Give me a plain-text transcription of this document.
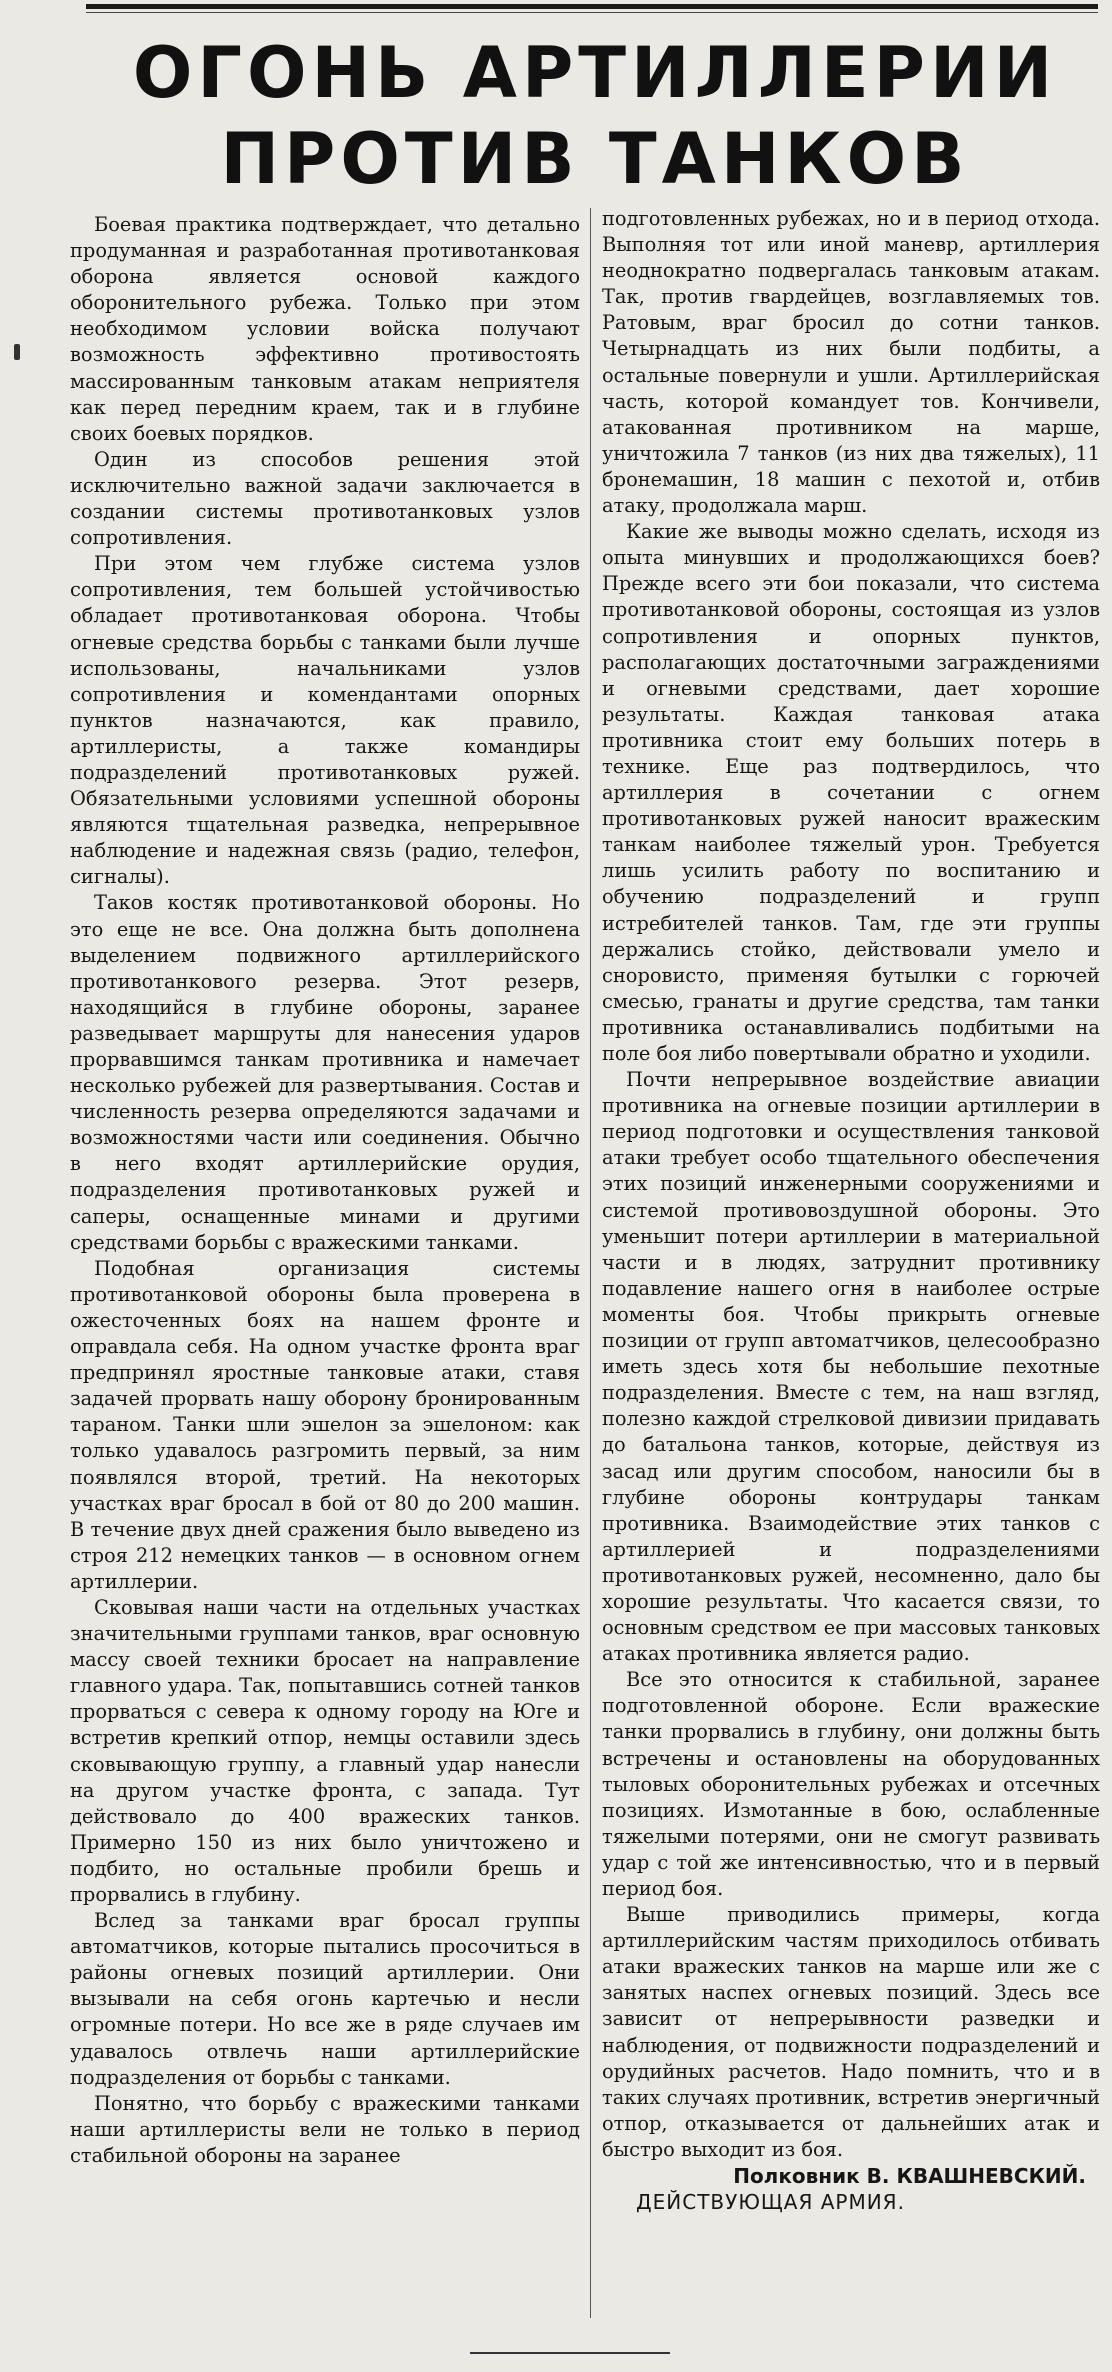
ОГОНЬ АРТИЛЛЕРИИ
ПРОТИВ ТАНКОВ

Боевая практика подтверждает, что детально продуманная и разработанная противотанковая оборона является основой каждого оборонительного рубежа. Только при этом необходимом условии войска получают возможность эффективно противостоять массированным танковым атакам неприятеля как перед передним краем, так и в глубине своих боевых порядков.

Один из способов решения этой исключительно важной задачи заключается в создании системы противотанковых узлов сопротивления.

При этом чем глубже система узлов сопротивления, тем большей устойчивостью обладает противотанковая оборона. Чтобы огневые средства борьбы с танками были лучше использованы, начальниками узлов сопротивления и комендантами опорных пунктов назначаются, как правило, артиллеристы, а также командиры подразделений противотанковых ружей. Обязательными условиями успешной обороны являются тщательная разведка, непрерывное наблюдение и надежная связь (радио, телефон, сигналы).

Таков костяк противотанковой обороны. Но это еще не все. Она должна быть дополнена выделением подвижного артиллерийского противотанкового резерва. Этот резерв, находящийся в глубине обороны, заранее разведывает маршруты для нанесения ударов прорвавшимся танкам противника и намечает несколько рубежей для развертывания. Состав и численность резерва определяются задачами и возможностями части или соединения. Обычно в него входят артиллерийские орудия, подразделения противотанковых ружей и саперы, оснащенные минами и другими средствами борьбы с вражескими танками.

Подобная организация системы противотанковой обороны была проверена в ожесточенных боях на нашем фронте и оправдала себя. На одном участке фронта враг предпринял яростные танковые атаки, ставя задачей прорвать нашу оборону бронированным тараном. Танки шли эшелон за эшелоном: как только удавалось разгромить первый, за ним появлялся второй, третий. На некоторых участках враг бросал в бой от 80 до 200 машин. В течение двух дней сражения было выведено из строя 212 немецких танков — в основном огнем артиллерии.

Сковывая наши части на отдельных участках значительными группами танков, враг основную массу своей техники бросает на направление главного удара. Так, попытавшись сотней танков прорваться с севера к одному городу на Юге и встретив крепкий отпор, немцы оставили здесь сковывающую группу, а главный удар нанесли на другом участке фронта, с запада. Тут действовало до 400 вражеских танков. Примерно 150 из них было уничтожено и подбито, но остальные пробили брешь и прорвались в глубину.

Вслед за танками враг бросал группы автоматчиков, которые пытались просочиться в районы огневых позиций артиллерии. Они вызывали на себя огонь картечью и несли огромные потери. Но все же в ряде случаев им удавалось отвлечь наши артиллерийские подразделения от борьбы с танками.

Понятно, что борьбу с вражескими танками наши артиллеристы вели не только в период стабильной обороны на заранее

подготовленных рубежах, но и в период отхода. Выполняя тот или иной маневр, артиллерия неоднократно подвергалась танковым атакам. Так, против гвардейцев, возглавляемых тов. Ратовым, враг бросил до сотни танков. Четырнадцать из них были подбиты, а остальные повернули и ушли. Артиллерийская часть, которой командует тов. Кончивели, атакованная противником на марше, уничтожила 7 танков (из них два тяжелых), 11 бронемашин, 18 машин с пехотой и, отбив атаку, продолжала марш.

Какие же выводы можно сделать, исходя из опыта минувших и продолжающихся боев? Прежде всего эти бои показали, что система противотанковой обороны, состоящая из узлов сопротивления и опорных пунктов, располагающих достаточными заграждениями и огневыми средствами, дает хорошие результаты. Каждая танковая атака противника стоит ему больших потерь в технике. Еще раз подтвердилось, что артиллерия в сочетании с огнем противотанковых ружей наносит вражеским танкам наиболее тяжелый урон. Требуется лишь усилить работу по воспитанию и обучению подразделений и групп истребителей танков. Там, где эти группы держались стойко, действовали умело и сноровисто, применяя бутылки с горючей смесью, гранаты и другие средства, там танки противника останавливались подбитыми на поле боя либо повертывали обратно и уходили.

Почти непрерывное воздействие авиации противника на огневые позиции артиллерии в период подготовки и осуществления танковой атаки требует особо тщательного обеспечения этих позиций инженерными сооружениями и системой противовоздушной обороны. Это уменьшит потери артиллерии в материальной части и в людях, затруднит противнику подавление нашего огня в наиболее острые моменты боя. Чтобы прикрыть огневые позиции от групп автоматчиков, целесообразно иметь здесь хотя бы небольшие пехотные подразделения. Вместе с тем, на наш взгляд, полезно каждой стрелковой дивизии придавать до батальона танков, которые, действуя из засад или другим способом, наносили бы в глубине обороны контрудары танкам противника. Взаимодействие этих танков с артиллерией и подразделениями противотанковых ружей, несомненно, дало бы хорошие результаты. Что касается связи, то основным средством ее при массовых танковых атаках противника является радио.

Все это относится к стабильной, заранее подготовленной обороне. Если вражеские танки прорвались в глубину, они должны быть встречены и остановлены на оборудованных тыловых оборонительных рубежах и отсечных позициях. Измотанные в бою, ослабленные тяжелыми потерями, они не смогут развивать удар с той же интенсивностью, что и в первый период боя.

Выше приводились примеры, когда артиллерийским частям приходилось отбивать атаки вражеских танков на марше или же с занятых наспех огневых позиций. Здесь все зависит от непрерывности разведки и наблюдения, от подвижности подразделений и орудийных расчетов. Надо помнить, что и в таких случаях противник, встретив энергичный отпор, отказывается от дальнейших атак и быстро выходит из боя.

Полковник В. КВАШНЕВСКИЙ.

ДЕЙСТВУЮЩАЯ АРМИЯ.
